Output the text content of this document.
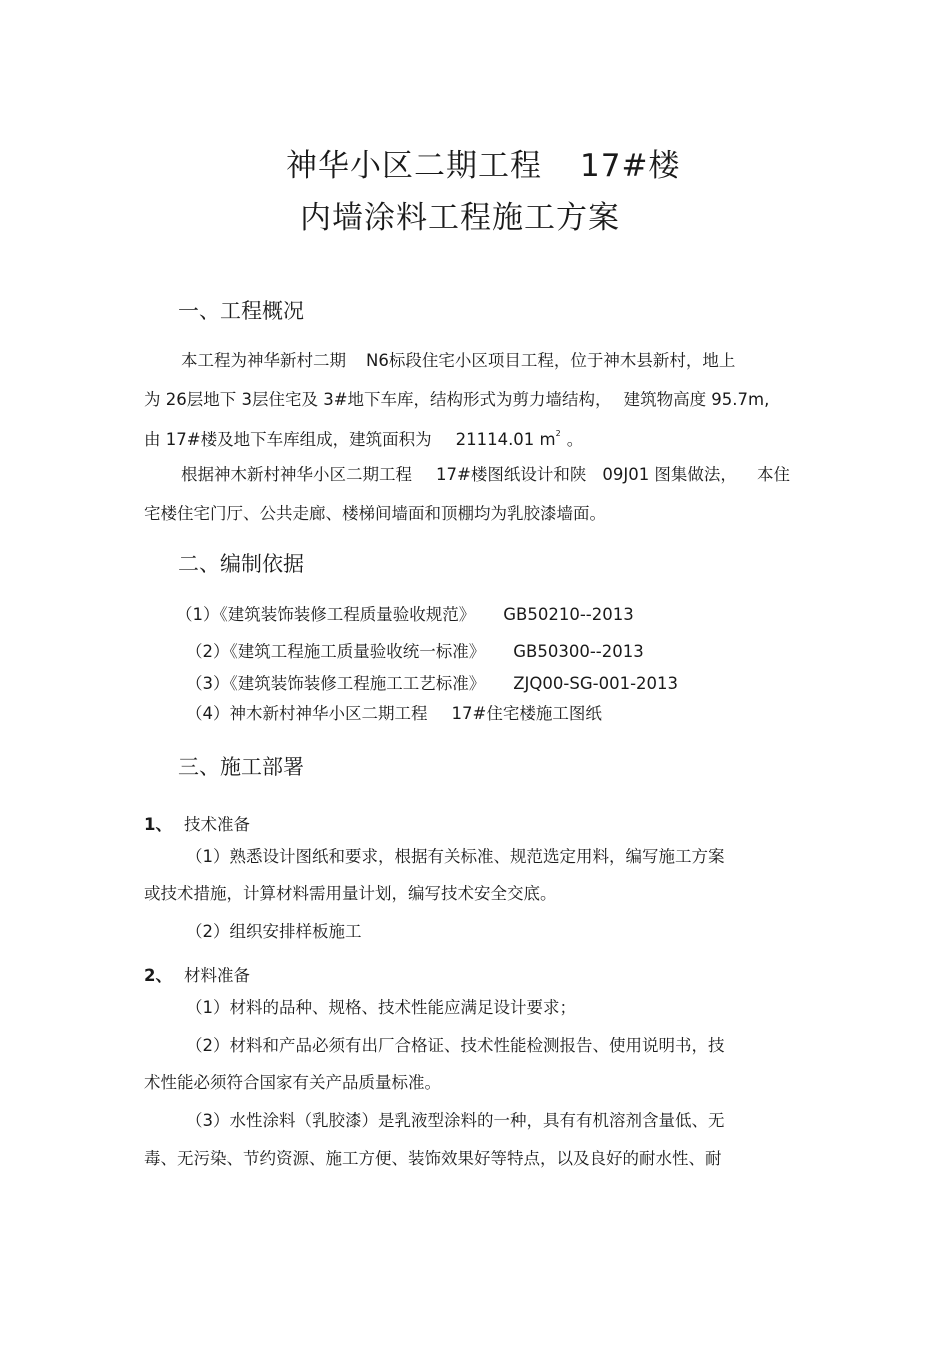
神华小区二期工程 17#楼
内墙涂料工程施工方案
一、工程概况
本工程为神华新村二期 N6标段住宅小区项目工程，位于神木县新村，地上
为 26层地下 3层住宅及 3#地下车库，结构形式为剪力墙结构， 建筑物高度 95.7m,
由 17#楼及地下车库组成，建筑面积为 21114.01 $m^2$ 。
根据神木新村神华小区二期工程 17#楼图纸设计和陕 09J01 图集做法， 本住
宅楼住宅门厅、公共走廊、楼梯间墙面和顶棚均为乳胶漆墙面。
二、编制依据
（1）《建筑装饰装修工程质量验收规范》 GB50210--2013
（2）《建筑工程施工质量验收统一标准》 GB50300--2013
（3）《建筑装饰装修工程施工工艺标准》 ZJQ00-SG-001-2013
（4）神木新村神华小区二期工程 17#住宅楼施工图纸
三、施工部署
1、 技术准备
（1）熟悉设计图纸和要求，根据有关标准、规范选定用料，编写施工方案
或技术措施，计算材料需用量计划，编写技术安全交底。
（2）组织安排样板施工
2、 材料准备
（1）材料的品种、规格、技术性能应满足设计要求；
（2）材料和产品必须有出厂合格证、技术性能检测报告、使用说明书，技
术性能必须符合国家有关产品质量标准。
（3）水性涂料（乳胶漆）是乳液型涂料的一种，具有有机溶剂含量低、无
毒、无污染、节约资源、施工方便、装饰效果好等特点，以及良好的耐水性、耐
